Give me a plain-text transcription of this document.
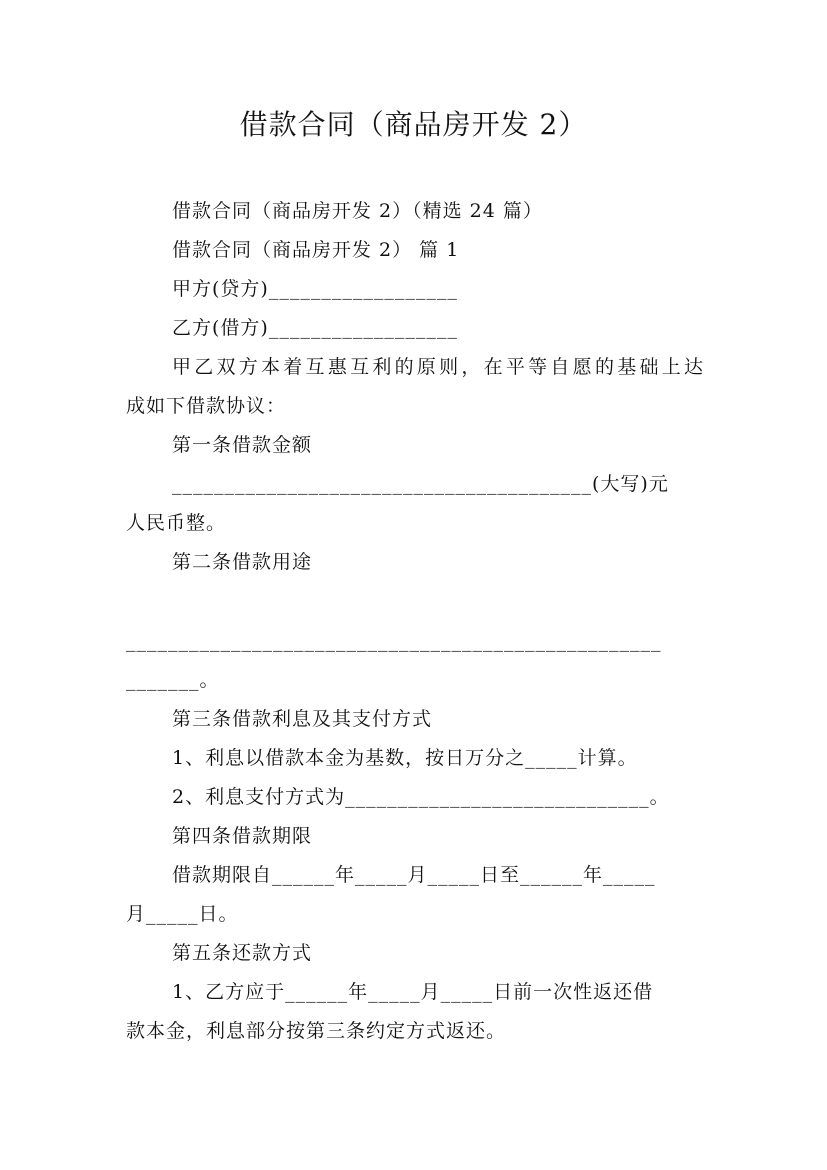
借款合同（商品房开发 2）

借款合同（商品房开发 2）（精选 24 篇）

借款合同（商品房开发 2） 篇 1

甲方(贷方)__________________

乙方(借方)__________________

甲乙双方本着互惠互利的原则，在平等自愿的基础上达

成如下借款协议：

第一条借款金额

________________________________________(大写)元

人民币整。

第二条借款用途

___________________________________________________

_______。

第三条借款利息及其支付方式

1、利息以借款本金为基数，按日万分之_____计算。

2、利息支付方式为_____________________________。

第四条借款期限

借款期限自______年_____月_____日至______年_____

月_____日。

第五条还款方式

1、乙方应于______年_____月_____日前一次性返还借

款本金，利息部分按第三条约定方式返还。
